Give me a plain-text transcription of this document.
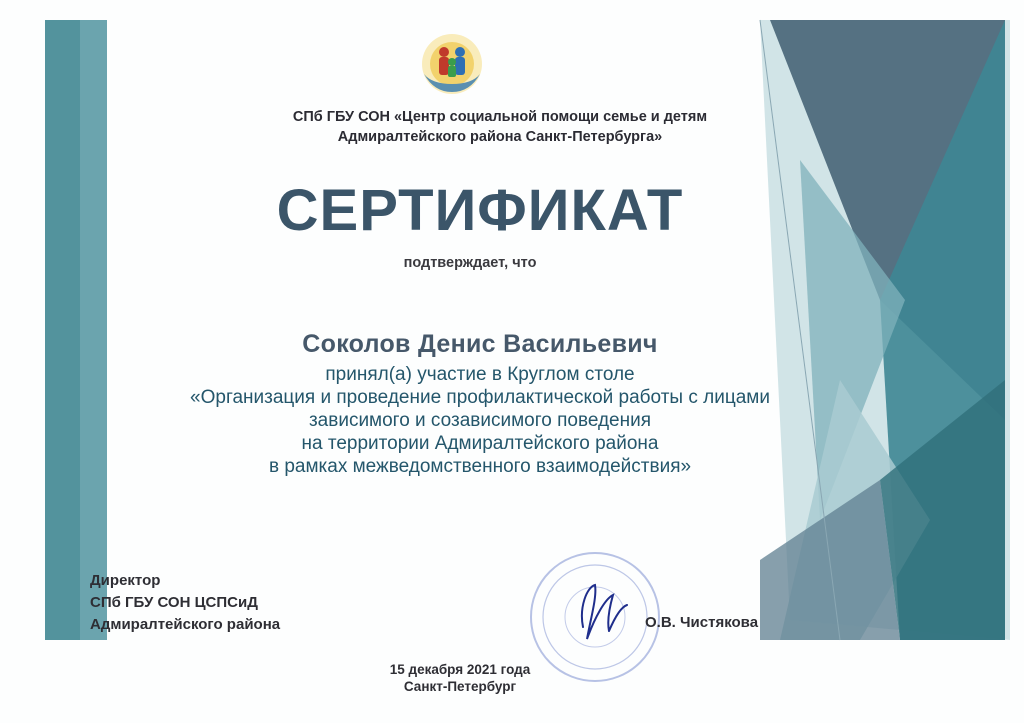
СПб ГБУ СОН «Центр социальной помощи семье и детям
Адмиралтейского района Санкт-Петербурга»
СЕРТИФИКАТ
подтверждает, что
Соколов Денис Васильевич
принял(а) участие в Круглом столе
«Организация и проведение профилактической работы с лицами
зависимого и созависимого поведения
на территории Адмиралтейского района
в рамках межведомственного взаимодействия»
Директор
СПб ГБУ СОН ЦСПСиД
Адмиралтейского района	О.В. Чистякова
15 декабря 2021 года
Санкт-Петербург
